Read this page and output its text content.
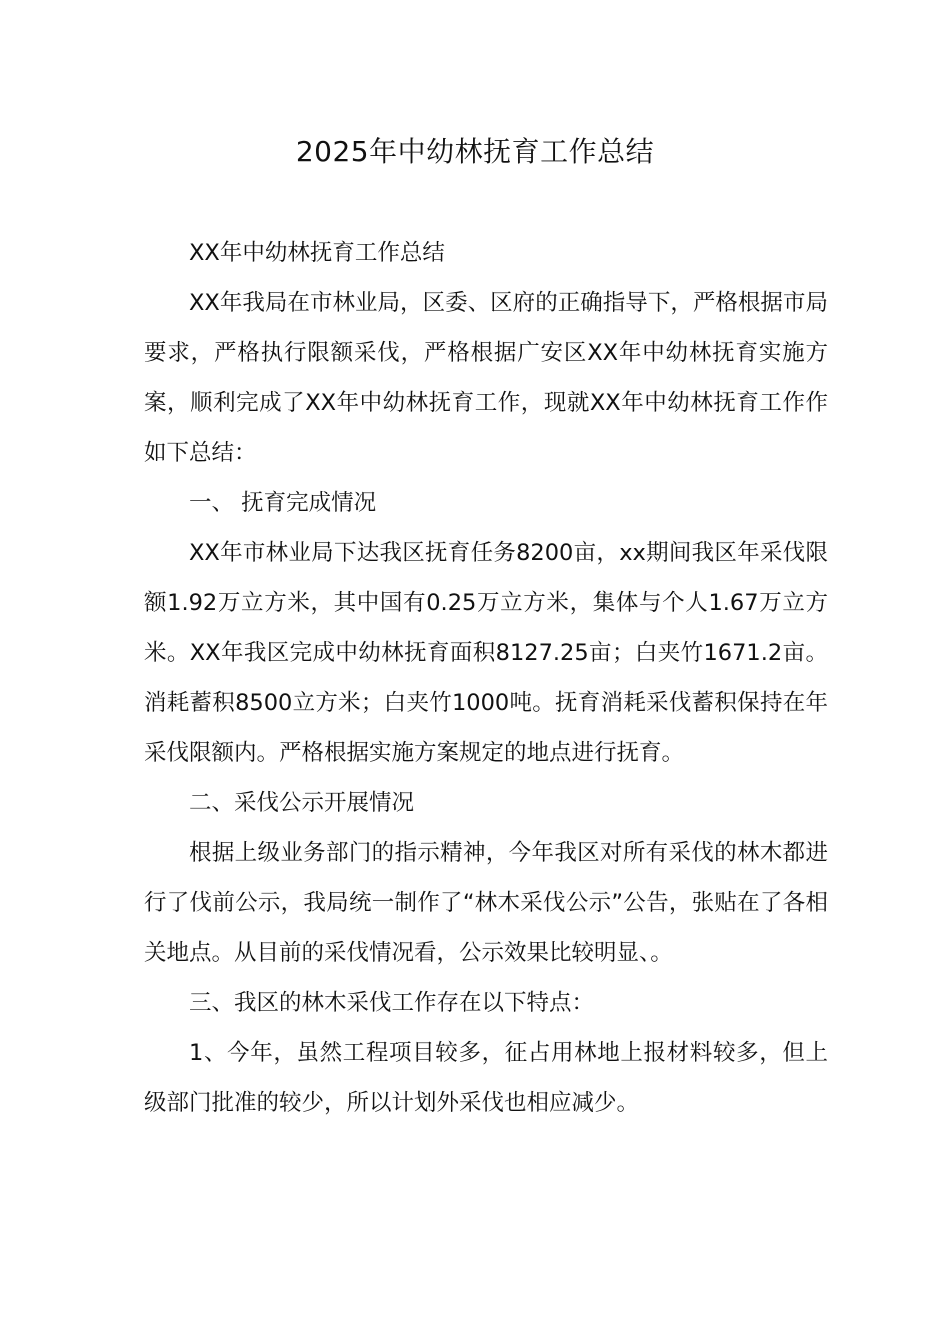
2025年中幼林抚育工作总结

XX年中幼林抚育工作总结

XX年我局在市林业局，区委、区府的正确指导下，严格根据市局要求，严格执行限额采伐，严格根据广安区XX年中幼林抚育实施方案，顺利完成了XX年中幼林抚育工作，现就XX年中幼林抚育工作作如下总结：

一、 抚育完成情况

XX年市林业局下达我区抚育任务8200亩，xx期间我区年采伐限额1.92万立方米，其中国有0.25万立方米，集体与个人1.67万立方米。XX年我区完成中幼林抚育面积8127.25亩；白夹竹1671.2亩。消耗蓄积8500立方米；白夹竹1000吨。抚育消耗采伐蓄积保持在年采伐限额内。严格根据实施方案规定的地点进行抚育。

二、采伐公示开展情况

根据上级业务部门的指示精神，今年我区对所有采伐的林木都进行了伐前公示，我局统一制作了“林木采伐公示”公告，张贴在了各相关地点。从目前的采伐情况看，公示效果比较明显、。

三、我区的林木采伐工作存在以下特点：

1、今年，虽然工程项目较多，征占用林地上报材料较多，但上级部门批准的较少，所以计划外采伐也相应减少。
